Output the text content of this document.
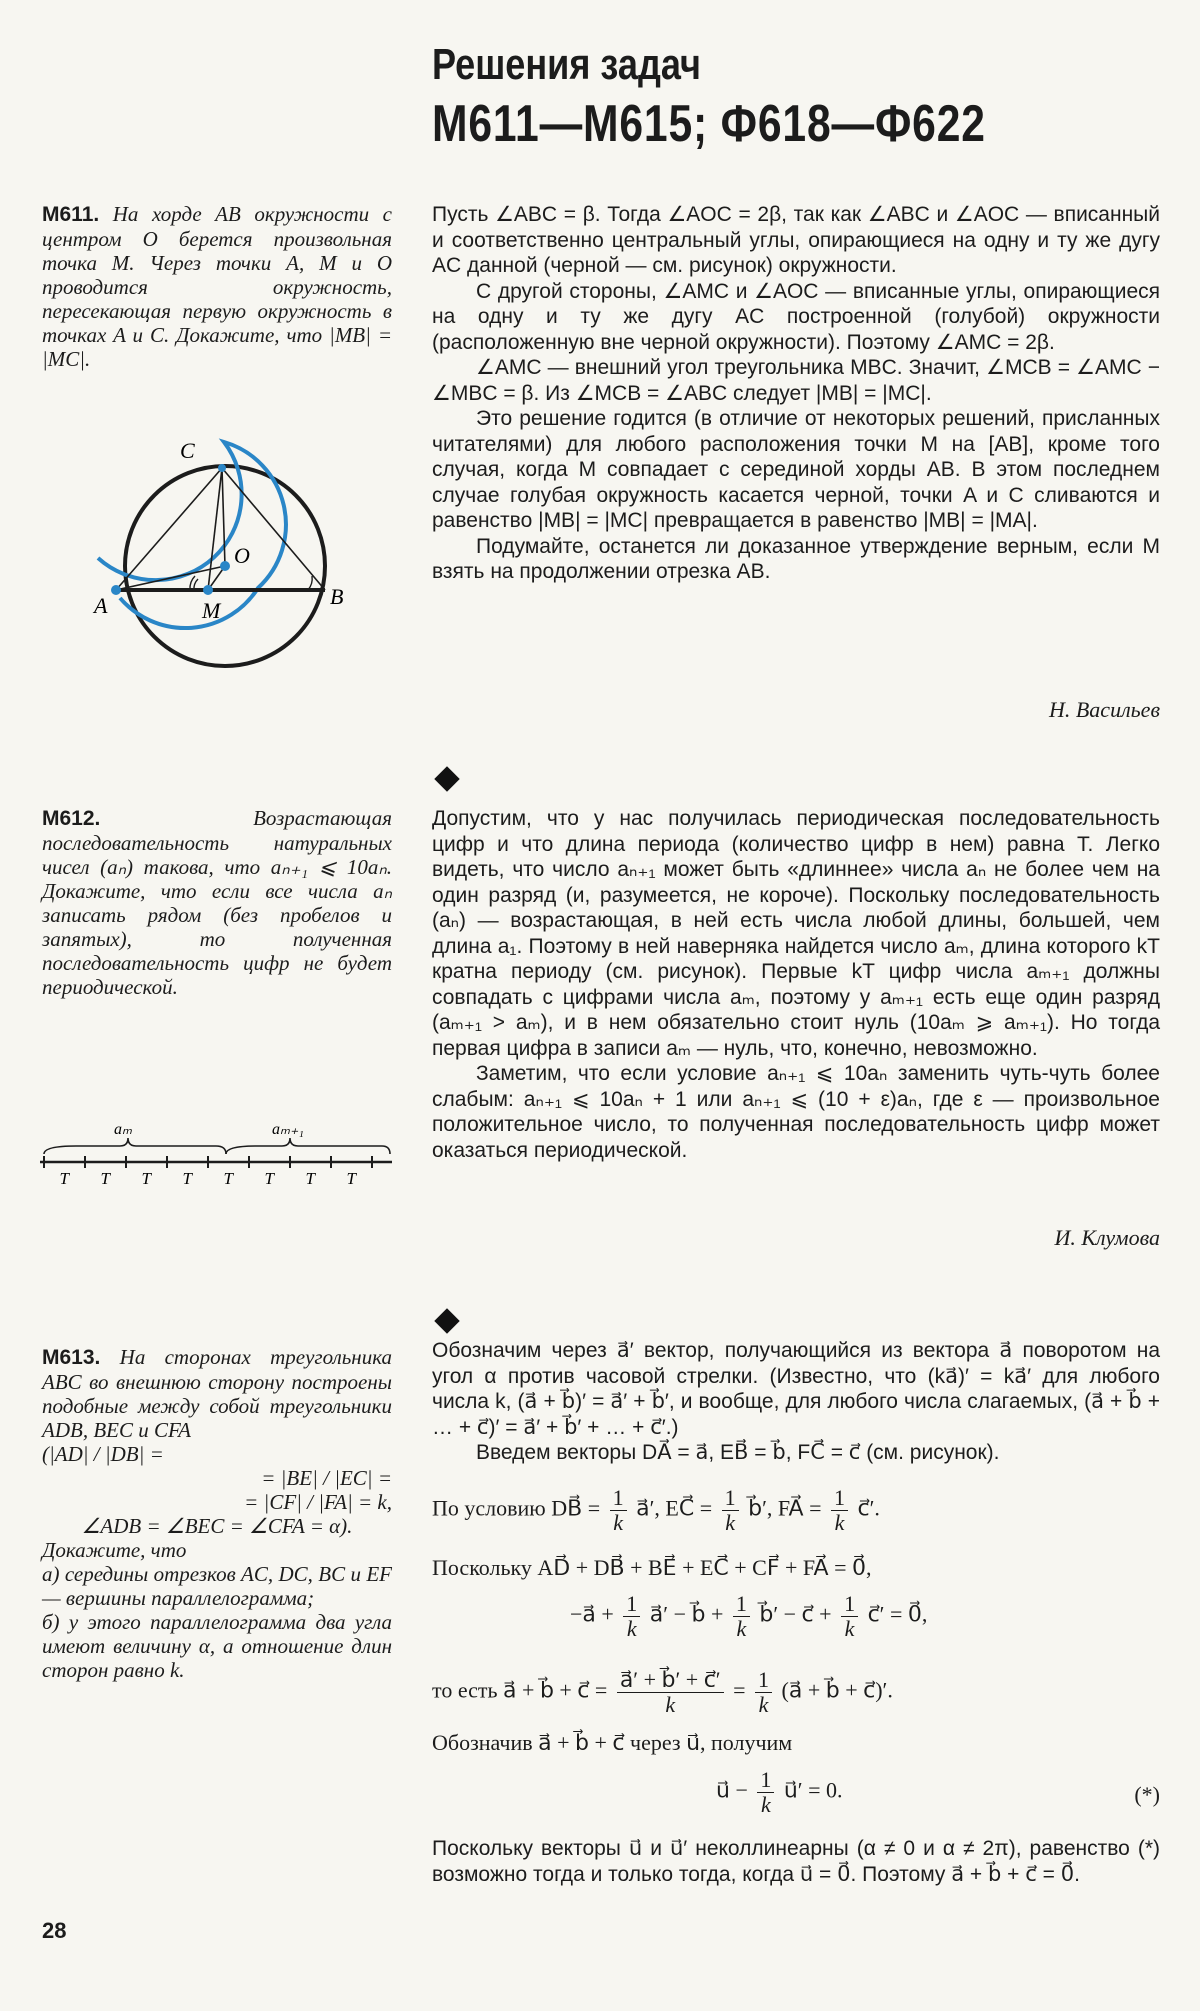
Решения задач
М611—М615; Ф618—Ф622

М611. На хорде AB окружности с центром O берется произвольная точка M. Через точки A, M и O проводится окружность, пересекающая первую окружность в точках A и C. Докажите, что |MB| = |MC|.

C
O
A	M
B

Пусть ∠ABC = β. Тогда ∠AOC = 2β, так как ∠ABC и ∠AOC — вписанный и соответственно центральный углы, опирающиеся на одну и ту же дугу AC данной (черной — см. рисунок) окружности.

С другой стороны, ∠AMC и ∠AOC — вписанные углы, опирающиеся на одну и ту же дугу AC построенной (голубой) окружности (расположенную вне черной окружности). Поэтому ∠AMC = 2β.

∠AMC — внешний угол треугольника MBC. Значит, ∠MCB = ∠AMC − ∠MBC = β. Из ∠MCB = ∠ABC следует |MB| = |MC|.

Это решение годится (в отличие от некоторых решений, присланных читателями) для любого расположения точки M на [AB], кроме того случая, когда M совпадает с серединой хорды AB. В этом последнем случае голубая окружность касается черной, точки A и C сливаются и равенство |MB| = |MC| превращается в равенство |MB| = |MA|.

Подумайте, останется ли доказанное утверждение верным, если M взять на продолжении отрезка AB.

Н. Васильев

М612.	Возрастающая последовательность натуральных чисел (aₙ) такова, что aₙ₊₁ ⩽ 10aₙ. Докажите, что если все числа aₙ записать рядом (без пробелов и запятых), то полученная последовательность цифр не будет периодической.

aₘ	aₘ₊₁
T T T T T T T T

Допустим, что у нас получилась периодическая последовательность цифр и что длина периода (количество цифр в нем) равна T. Легко видеть, что число aₙ₊₁ может быть «длиннее» числа aₙ не более чем на один разряд (и, разумеется, не короче). Поскольку последовательность (aₙ) — возрастающая, в ней есть числа любой длины, большей, чем длина a₁. Поэтому в ней наверняка найдется число aₘ, длина которого kT кратна периоду (см. рисунок). Первые kT цифр числа aₘ₊₁ должны совпадать с цифрами числа aₘ, поэтому у aₘ₊₁ есть еще один разряд (aₘ₊₁ > aₘ), и в нем обязательно стоит нуль (10aₘ ⩾ aₘ₊₁). Но тогда первая цифра в записи aₘ — нуль, что, конечно, невозможно.

Заметим, что если условие aₙ₊₁ ⩽ 10aₙ заменить чуть-чуть более слабым: aₙ₊₁ ⩽ 10aₙ + 1 или aₙ₊₁ ⩽ (10 + ε)aₙ, где ε — произвольное положительное число, то полученная последовательность цифр может оказаться периодической.

И. Клумова
М613. На сторонах треугольника ABC во внешнюю сторону построены подобные между собой треугольники ADB, BEC и CFA
(|AD| / |DB| =
= |BE| / |EC| =
= |CF| / |FA| = k,
∠ADB = ∠BEC = ∠CFA = α).
Докажите, что
а) середины отрезков AC, DC, BC и EF — вершины параллелограмма;
б) у этого параллелограмма два угла имеют величину α, а отношение длин сторон равно k.

Обозначим через a⃗′ вектор, получающийся из вектора a⃗ поворотом на угол α против часовой стрелки. (Известно, что (ka⃗)′ = ka⃗′ для любого числа k, (a⃗ + b⃗)′ = a⃗′ + b⃗′, и вообще, для любого числа слагаемых, (a⃗ + b⃗ + … + c⃗)′ = a⃗′ + b⃗′ + … + c⃗′.)

Введем векторы DA⃗ = a⃗, EB⃗ = b⃗, FC⃗ = c⃗ (см. рисунок).

По условию DB⃗ = $\frac{1}{k}$ a⃗′, EC⃗ = $\frac{1}{k}$ b⃗′, FA⃗ = $\frac{1}{k}$ c⃗′.
Поскольку AD⃗ + DB⃗ + BE⃗ + EC⃗ + CF⃗ + FA⃗ = 0⃗,
−a⃗ + $\frac{1}{k}$ a⃗′ − b⃗ + $\frac{1}{k}$ b⃗′ − c⃗ + $\frac{1}{k}$ c⃗′ = 0⃗,
то есть a⃗ + b⃗ + c⃗ = $\frac{a⃗' + b⃗' + c⃗'}{k} = \frac{1}{k}$ (a⃗ + b⃗ + c⃗)′.
Обозначив a⃗ + b⃗ + c⃗ через u⃗, получим
u⃗ − $\frac{1}{k}$ u⃗′ = 0.	(*)

Поскольку векторы u⃗ и u⃗′ неколлинеарны (α ≠ 0 и α ≠ 2π), равенство (*) возможно тогда и только тогда, когда u⃗ = 0⃗. Поэтому a⃗ + b⃗ + c⃗ = 0⃗.

28
